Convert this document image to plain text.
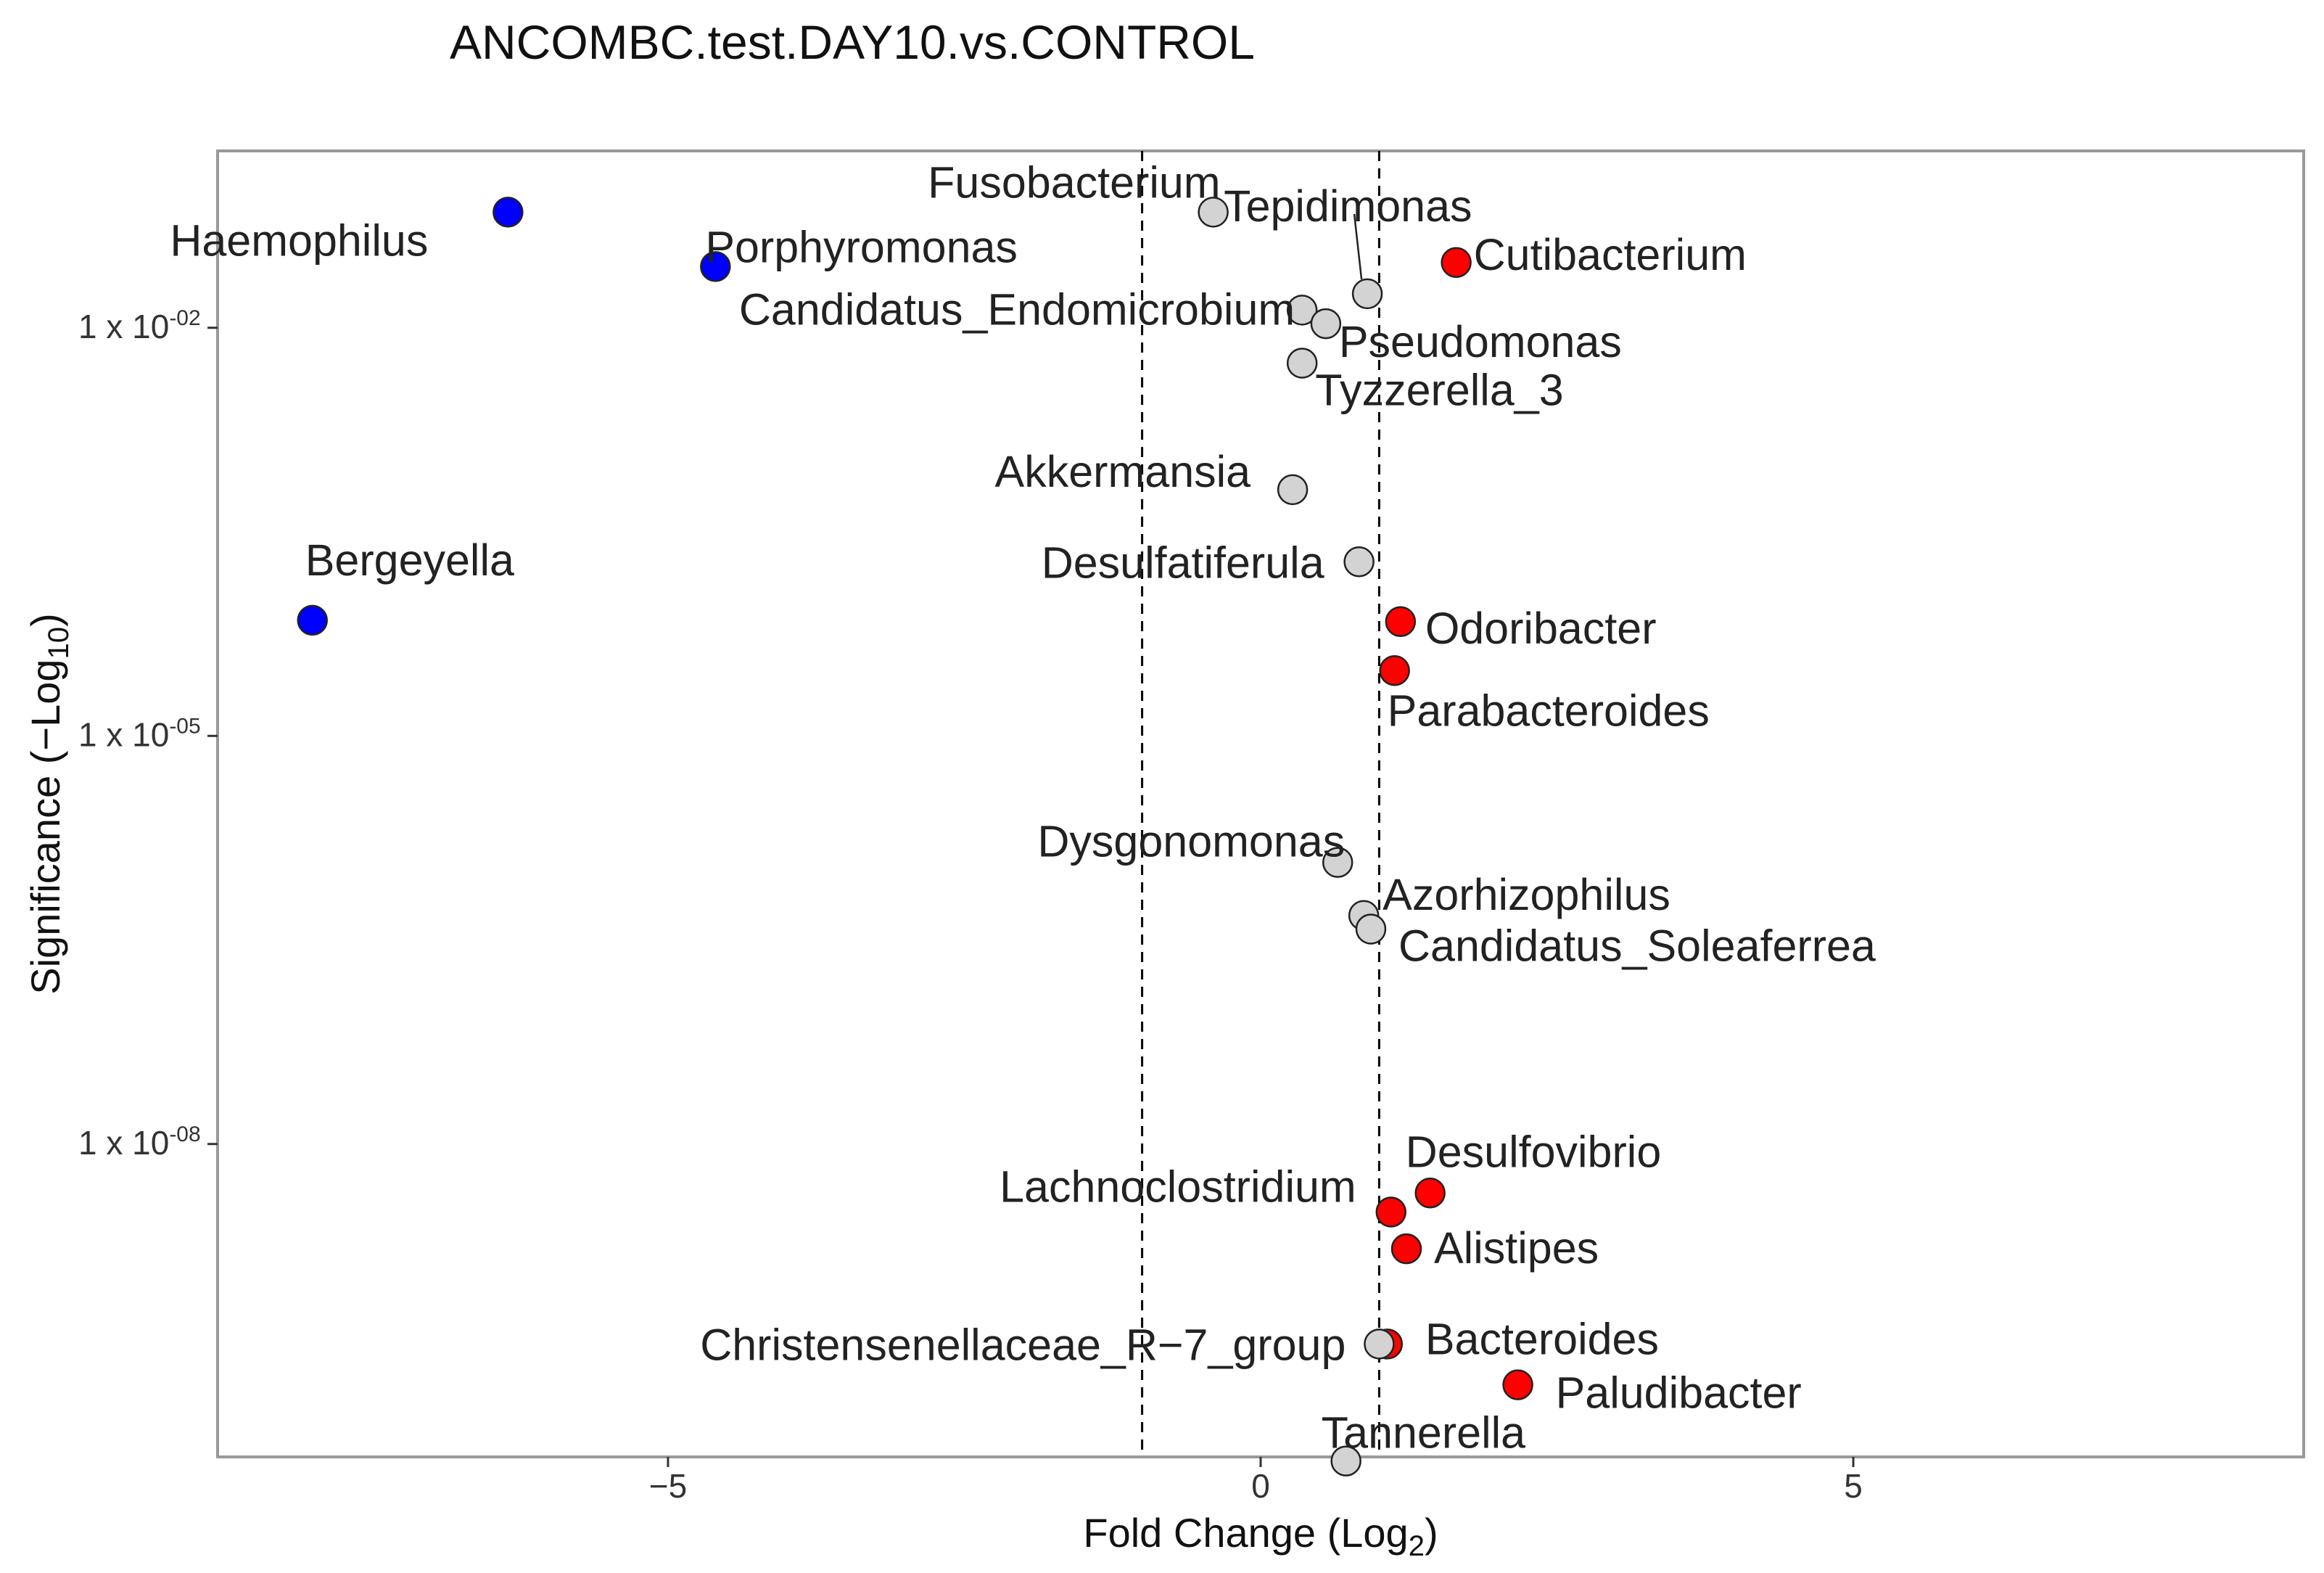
ANCOMBC.test.DAY10.vs.CONTROL
−5	0	5
1 x $10^{-02}$
1 x $10^{-05}$
1 x $10^{-08}$
Haemophilus	Porphyromonas
Bergeyella
Cutibacterium
Odoribacter
Parabacteroides
Desulfovibrio
Lachnoclostridium
Alistipes
Bacteroides
Paludibacter
Fusobacterium Tepidimonas
Candidatus_Endomicrobium
Pseudomonas
Tyzzerella_3
Akkermansia
Desulfatiferula
Dysgonomonas
Azorhizophilus
Candidatus_Soleaferrea
Christensenellaceae_R−7_group
Tannerella
Fold Change (Log$_2$)
Significance (−Log$_{10}$)
